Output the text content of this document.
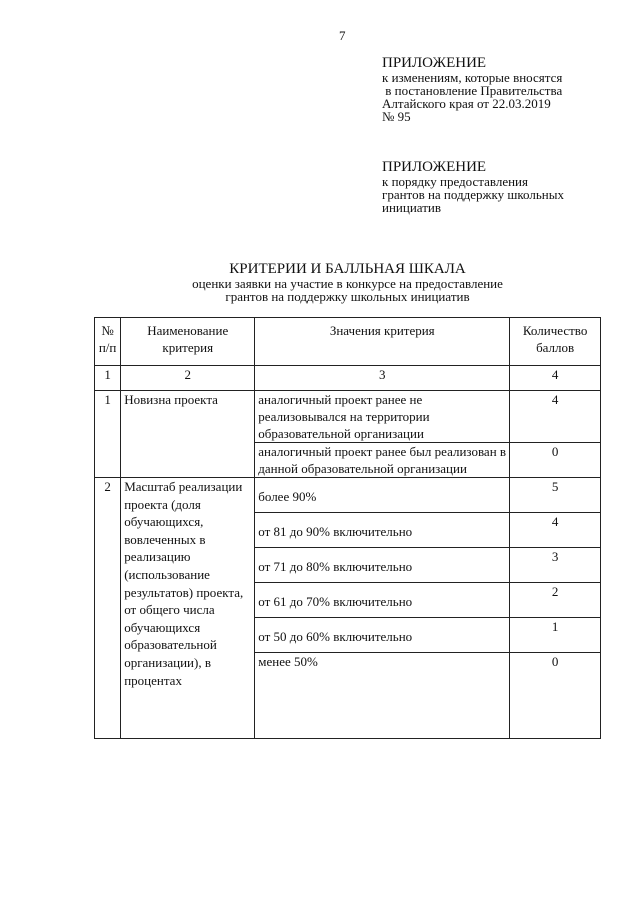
7
ПРИЛОЖЕНИЕ
к изменениям, которые вносятся
в постановление Правительства
Алтайского края от 22.03.2019
№ 95
ПРИЛОЖЕНИЕ
к порядку предоставления
грантов на поддержку школьных
инициатив
КРИТЕРИИ И БАЛЛЬНАЯ ШКАЛА
оценки заявки на участие в конкурсе на предоставление
грантов на поддержку школьных инициатив
№ п/п	Наименование критерия	Значения критерия	Количество баллов
1	2	3	4
1	Новизна проекта	аналогичный проект ранее не реализовывался на территории образовательной организации	4
		аналогичный проект ранее был реализован в данной образовательной организации	0
2	Масштаб реализации проекта (доля обучающихся, вовлеченных в реализацию (использование результатов) проекта, от общего числа обучающихся образовательной организации), в процентах	более 90%	5
		от 81 до 90% включительно	4
		от 71 до 80% включительно	3
		от 61 до 70% включительно	2
		от 50 до 60% включительно	1
		менее 50%	0
